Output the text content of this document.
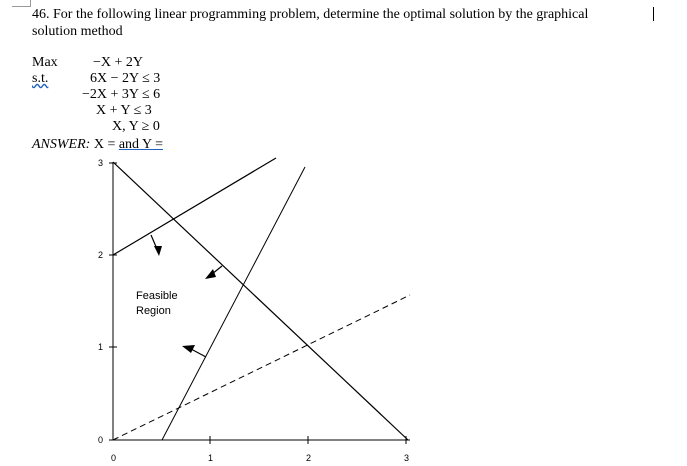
46. For the following linear programming problem, determine the optimal solution by the graphical solution method
Max	−X + 2Y
s.t.	6X − 2Y ≤ 3
−2X + 3Y ≤ 6
X + Y ≤ 3
X, Y ≥ 0
ANSWER: X = and Y =
3
2
1
0
0	1	2	3
Feasible
Region
